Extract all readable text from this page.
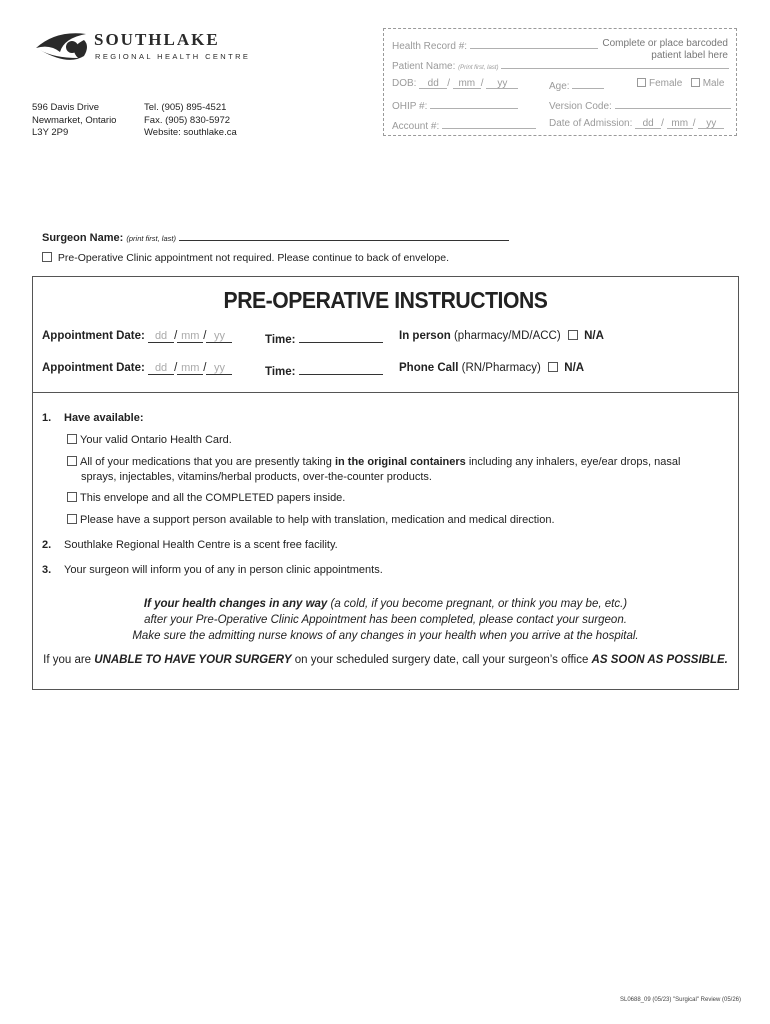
SOUTHLAKE
REGIONAL HEALTH CENTRE
596 Davis Drive
Newmarket, Ontario
L3Y 2P9
Tel. (905) 895-4521
Fax. (905) 830-5972
Website: southlake.ca
Complete or place barcoded
patient label here
Health Record #:
Patient Name: (Print first, last)
DOB: dd / mm / yy	Age:	Female Male
OHIP #:	Version Code:
Account #:	Date of Admission: dd / mm / yy
Surgeon Name: (print first, last)
Pre-Operative Clinic appointment not required. Please continue to back of envelope.
PRE-OPERATIVE INSTRUCTIONS
Appointment Date: dd / mm / yy	Time:	In person (pharmacy/MD/ACC) N/A
Appointment Date: dd / mm / yy	Time:	Phone Call (RN/Pharmacy) N/A
1. Have available:
Your valid Ontario Health Card.
All of your medications that you are presently taking in the original containers including any inhalers, eye/ear drops, nasal
sprays, injectables, vitamins/herbal products, over-the-counter products.
This envelope and all the COMPLETED papers inside.
Please have a support person available to help with translation, medication and medical direction.
2. Southlake Regional Health Centre is a scent free facility.
3. Your surgeon will inform you of any in person clinic appointments.
If your health changes in any way (a cold, if you become pregnant, or think you may be, etc.)
after your Pre-Operative Clinic Appointment has been completed, please contact your surgeon.
Make sure the admitting nurse knows of any changes in your health when you arrive at the hospital.
If you are UNABLE TO HAVE YOUR SURGERY on your scheduled surgery date, call your surgeon’s office AS SOON AS POSSIBLE.
SL0688_09 (05/23) "Surgical" Review (05/26)
